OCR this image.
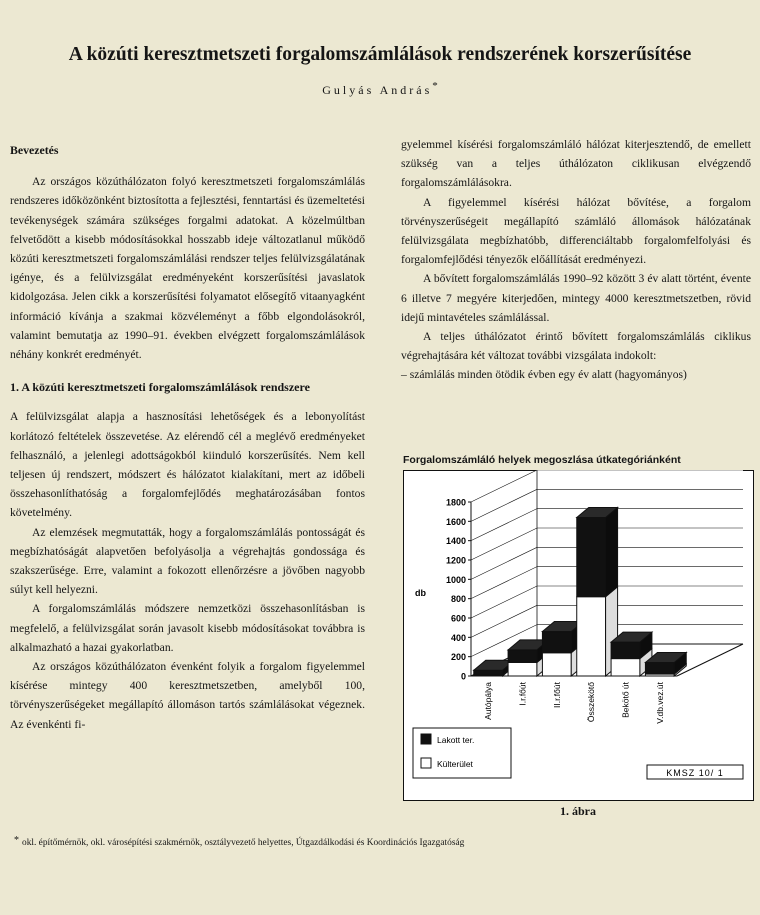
A közúti keresztmetszeti forgalomszámlálások rendszerének korszerűsítése
Gulyás András*
Bevezetés

Az országos közúthálózaton folyó keresztmetszeti forgalomszámlálás rendszeres időközönként biztosította a fejlesztési, fenntartási és üzemeltetési tevékenységek számára szükséges forgalmi adatokat. A közelmúltban felvetődött a kisebb módosításokkal hosszabb ideje változatlanul működő közúti keresztmetszeti forgalomszámlálási rendszer teljes felülvizsgálatának igénye, és a felülvizsgálat eredményeként korszerűsítési javaslatok kidolgozása. Jelen cikk a korszerűsítési folyamatot elősegítő vitaanyagként információ kívánja a szakmai közvéleményt a főbb elgondolásokról, valamint bemutatja az 1990–91. években elvégzett forgalomszámlálások néhány konkrét eredményét.

1. A közúti keresztmetszeti forgalomszámlálások rendszere

A felülvizsgálat alapja a hasznosítási lehetőségek és a lebonyolítást korlátozó feltételek összevetése. Az elérendő cél a meglévő eredményeket felhasználó, a jelenlegi adottságokból kiinduló korszerűsítés. Nem kell teljesen új rendszert, módszert és hálózatot kialakítani, mert az időbeli összehasonlíthatóság a forgalomfejlődés meghatározásában fontos követelmény.

Az elemzések megmutatták, hogy a forgalomszámlálás pontosságát és megbízhatóságát alapvetően befolyásolja a végrehajtás gondossága és szakszerűsége. Erre, valamint a fokozott ellenőrzésre a jövőben nagyobb súlyt kell helyezni.

A forgalomszámlálás módszere nemzetközi összehasonlításban is megfelelő, a felülvizsgálat során javasolt kisebb módosításokat továbbra is alkalmazható a hazai gyakorlatban.

Az országos közúthálózaton évenként folyik a forgalom figyelemmel kísérése mintegy 400 keresztmetszetben, amelyből 100, törvényszerűségeket megállapító állomáson tartós számlálásokat végeznek. Az évenkénti fi-

gyelemmel kísérési forgalomszámláló hálózat kiterjesztendő, de emellett szükség van a teljes úthálózaton ciklikusan elvégzendő forgalomszámlálásokra.

A figyelemmel kísérési hálózat bővítése, a forgalom törvényszerűségeit megállapító számláló állomások hálózatának felülvizsgálata megbízhatóbb, differenciáltabb forgalomfelfolyási és forgalomfejlődési tényezők előállítását eredményezi.

A bővített forgalomszámlálás 1990–92 között 3 év alatt történt, évente 6 illetve 7 megyére kiterjedően, mintegy 4000 keresztmetszetben, rövid idejű mintavételes számlálással.

A teljes úthálózatot érintő bővített forgalomszámlálás ciklikus végrehajtására két változat további vizsgálata indokolt:

– számlálás minden ötödik évben egy év alatt (hagyományos)

Forgalomszámláló helyek megoszlása útkategóriánként
0
200
400
600
800
1000
1200
1400
1600
1800
db
Autópálya	I.r.főút	II.r.főút	Összekötő	Bekötő út	V.db.vez.út
Lakott ter.
Külterület
KMSZ 10/ 1
1. ábra
* okl. építőmérnök, okl. városépítési szakmérnök, osztályvezető helyettes, Útgazdálkodási és Koordinációs Igazgatóság
